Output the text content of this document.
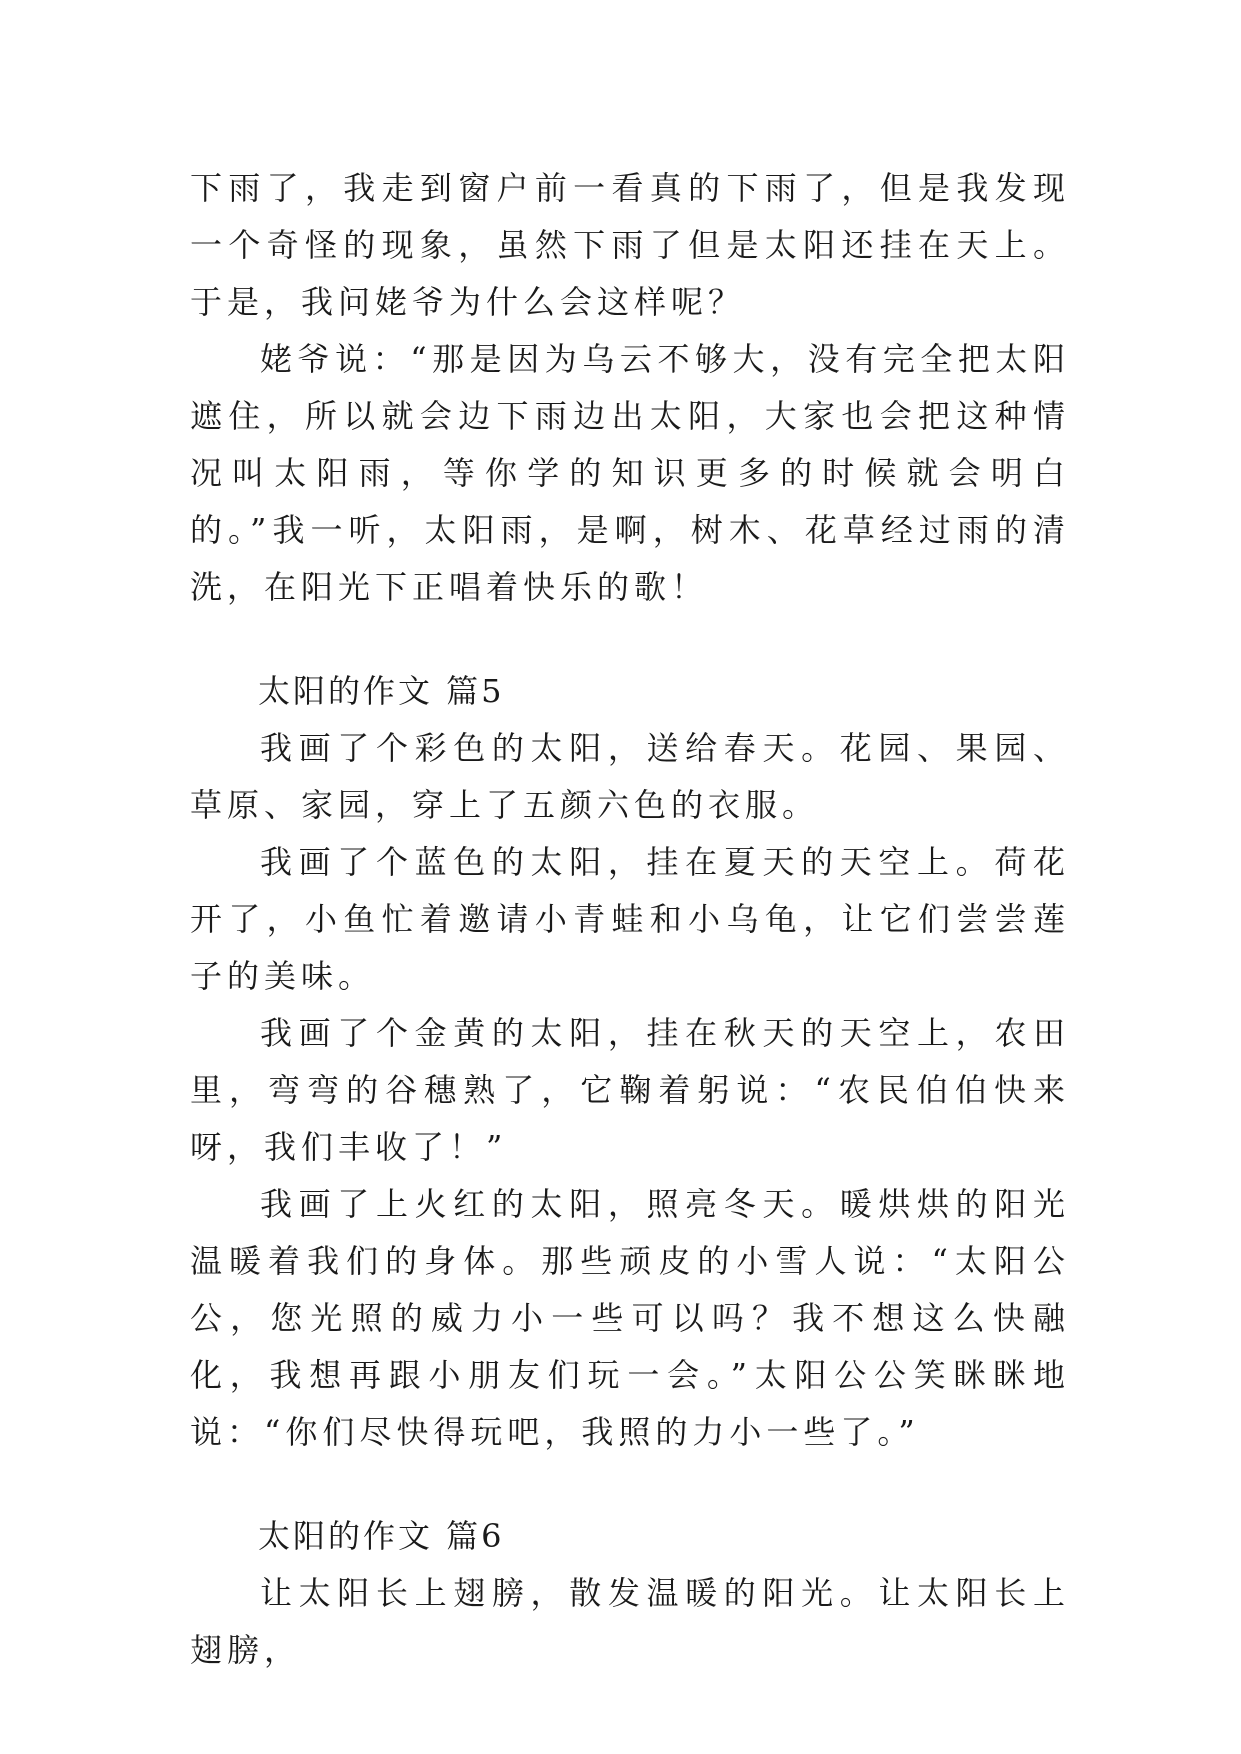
下雨了，我走到窗户前一看真的下雨了，但是我发现一个奇怪的现象，虽然下雨了但是太阳还挂在天上。于是，我问姥爷为什么会这样呢？

姥爷说：“那是因为乌云不够大，没有完全把太阳遮住，所以就会边下雨边出太阳，大家也会把这种情况叫太阳雨，等你学的知识更多的时候就会明白的。”我一听，太阳雨，是啊，树木、花草经过雨的清洗，在阳光下正唱着快乐的歌！

太阳的作文 篇5

我画了个彩色的太阳，送给春天。花园、果园、草原、家园，穿上了五颜六色的衣服。

我画了个蓝色的太阳，挂在夏天的天空上。荷花开了，小鱼忙着邀请小青蛙和小乌龟，让它们尝尝莲子的美味。

我画了个金黄的太阳，挂在秋天的天空上，农田里，弯弯的谷穗熟了，它鞠着躬说：“农民伯伯快来呀，我们丰收了！”

我画了上火红的太阳，照亮冬天。暖烘烘的阳光温暖着我们的身体。那些顽皮的小雪人说：“太阳公公，您光照的威力小一些可以吗？我不想这么快融化，我想再跟小朋友们玩一会。”太阳公公笑眯眯地说：“你们尽快得玩吧，我照的力小一些了。”

太阳的作文 篇6

让太阳长上翅膀，散发温暖的阳光。让太阳长上翅膀，
